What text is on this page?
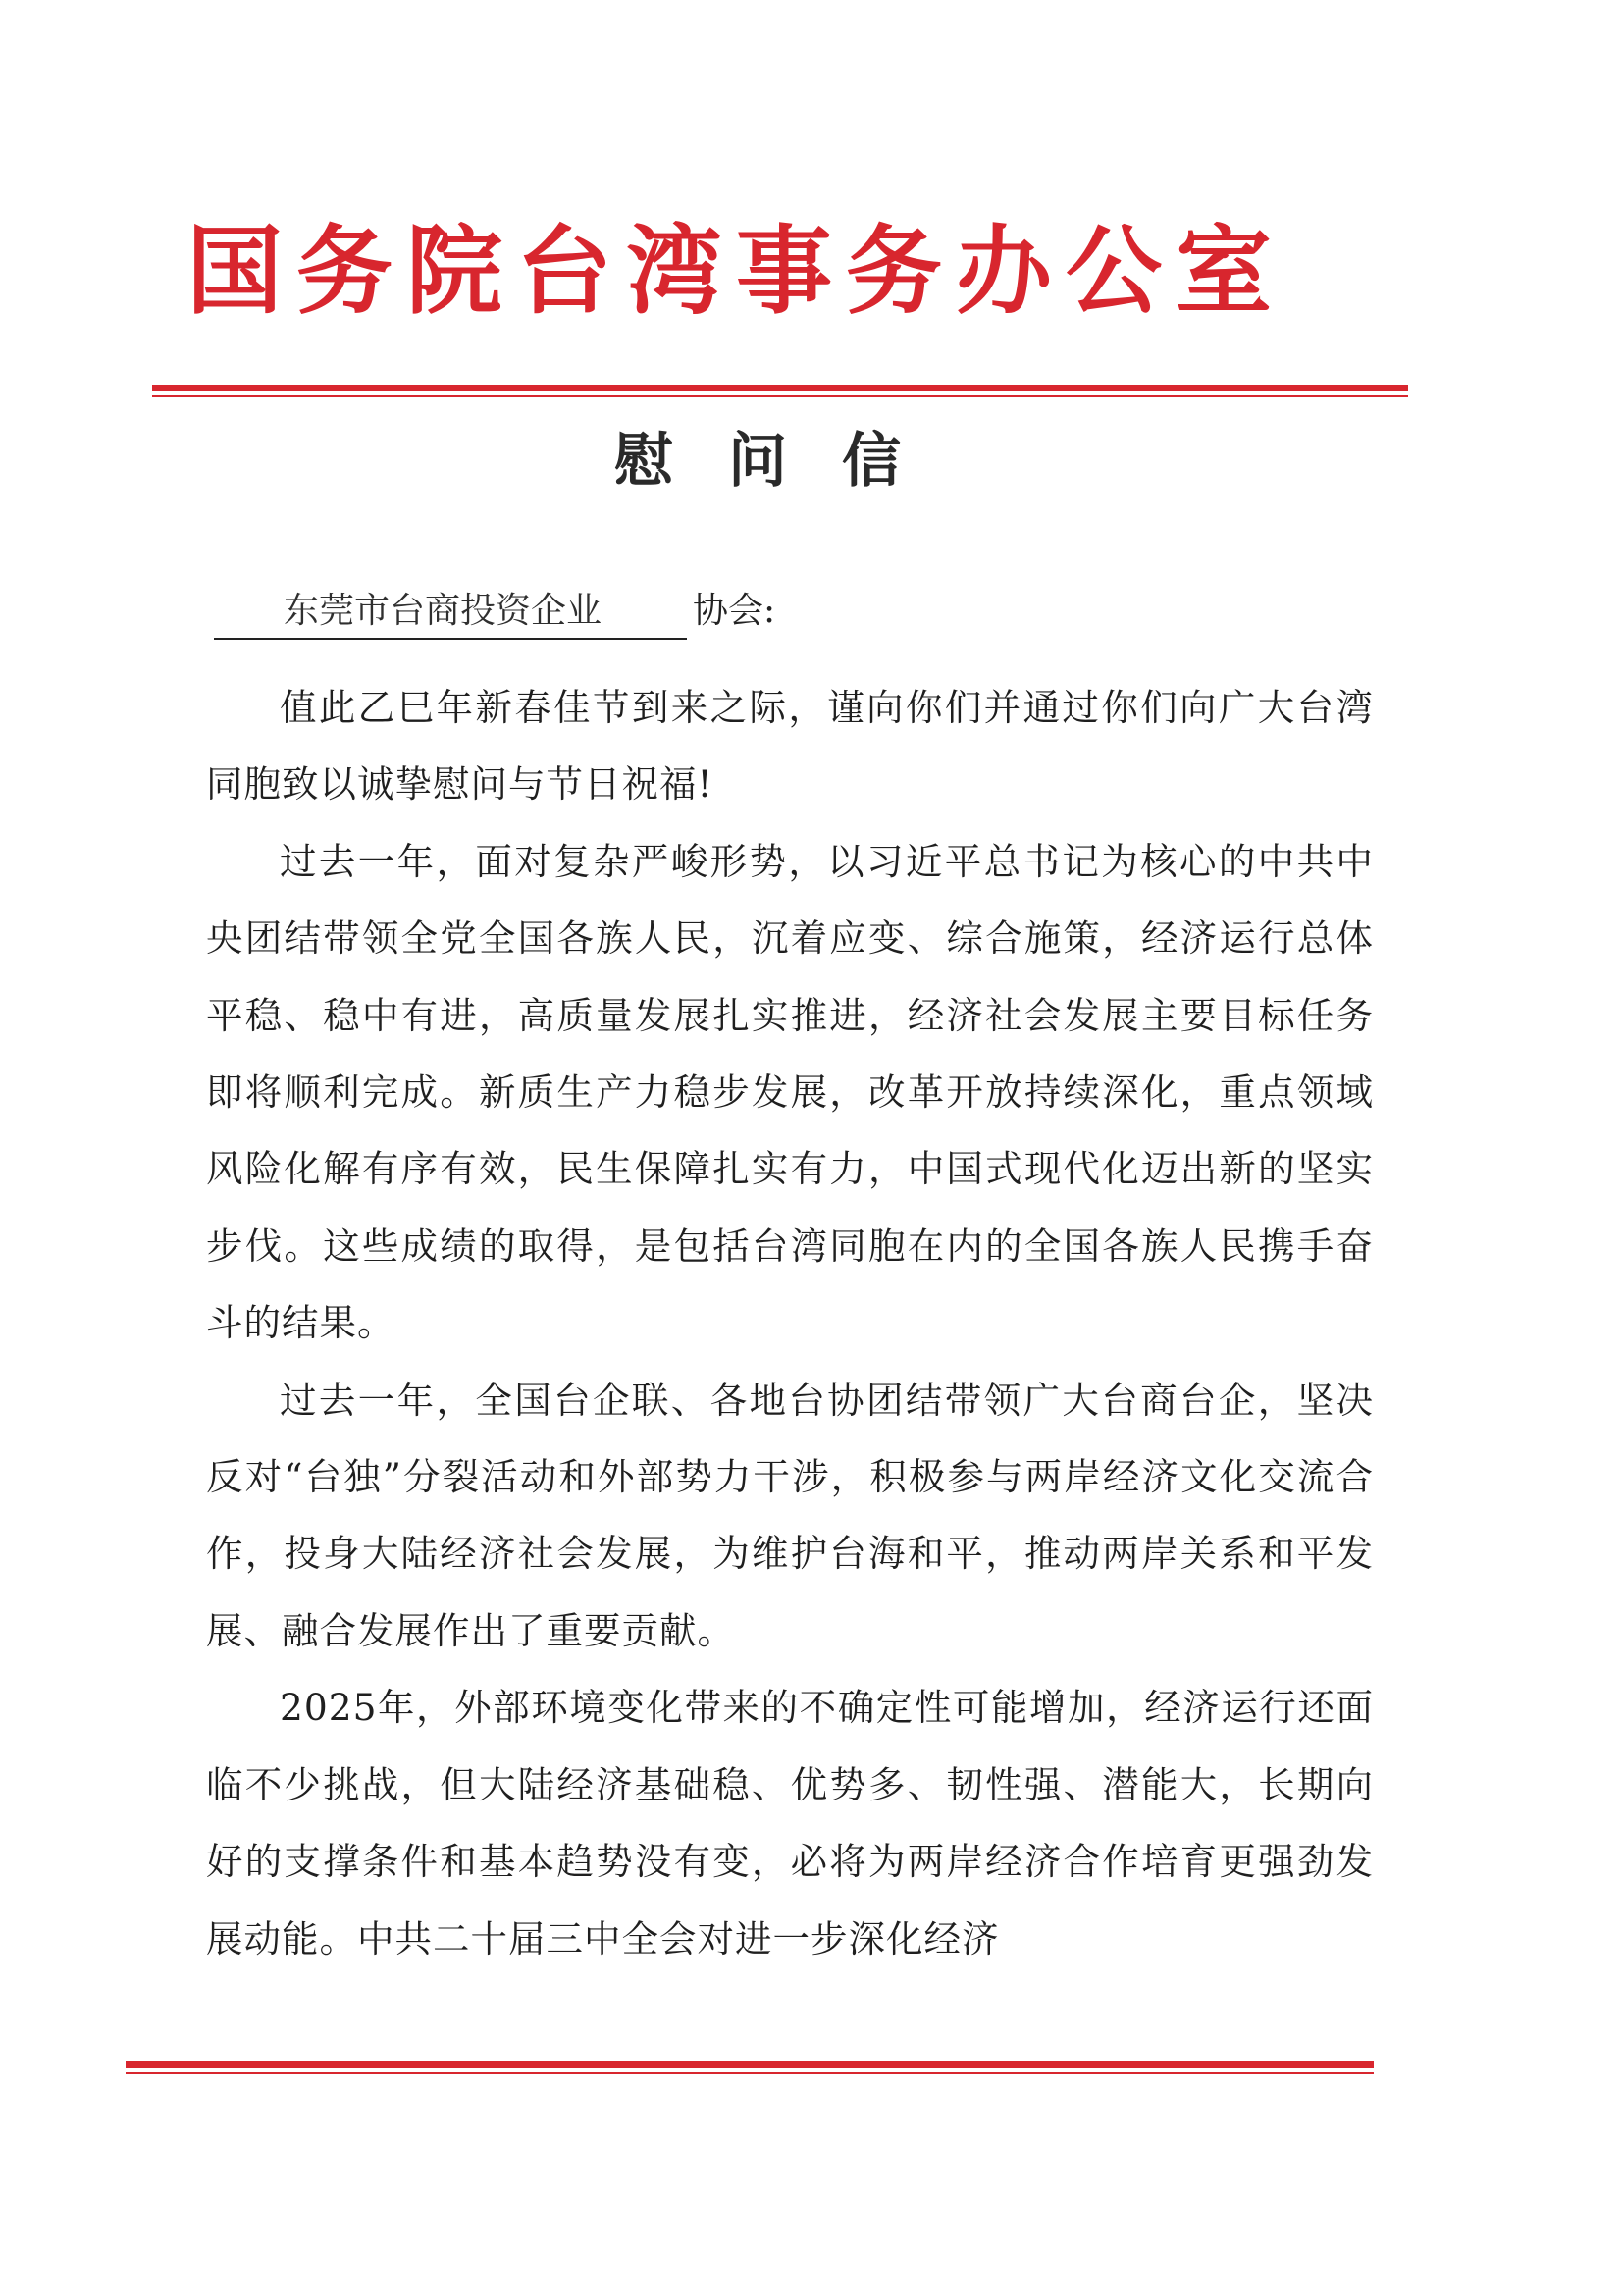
国务院台湾事务办公室
慰问信
东莞市台商投资企业	协会:

值此乙巳年新春佳节到来之际，谨向你们并通过你们向广大台湾同胞致以诚挚慰问与节日祝福!

过去一年，面对复杂严峻形势，以习近平总书记为核心的中共中央团结带领全党全国各族人民，沉着应变、综合施策，经济运行总体平稳、稳中有进，高质量发展扎实推进，经济社会发展主要目标任务即将顺利完成。新质生产力稳步发展，改革开放持续深化，重点领域风险化解有序有效，民生保障扎实有力，中国式现代化迈出新的坚实步伐。这些成绩的取得，是包括台湾同胞在内的全国各族人民携手奋斗的结果。

过去一年，全国台企联、各地台协团结带领广大台商台企，坚决反对“台独”分裂活动和外部势力干涉，积极参与两岸经济文化交流合作，投身大陆经济社会发展，为维护台海和平，推动两岸关系和平发展、融合发展作出了重要贡献。

2025年，外部环境变化带来的不确定性可能增加，经济运行还面临不少挑战，但大陆经济基础稳、优势多、韧性强、潜能大，长期向好的支撑条件和基本趋势没有变，必将为两岸经济合作培育更强劲发展动能。中共二十届三中全会对进一步深化经济
